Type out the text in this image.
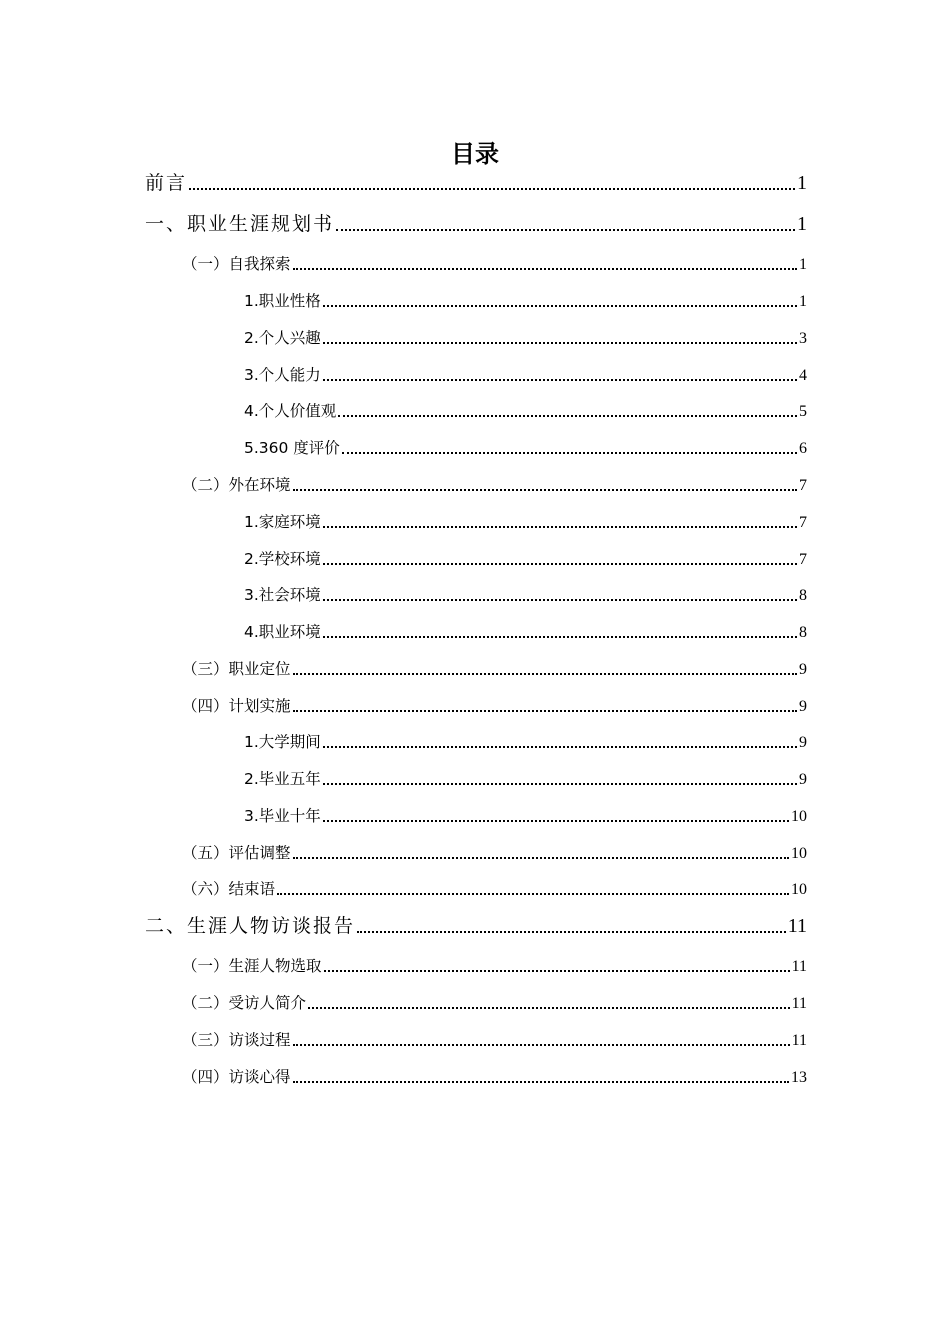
目录
前言	1
一、职业生涯规划书	1
（一）自我探索	1
1.职业性格	1
2.个人兴趣	3
3.个人能力	4
4.个人价值观	5
5.360 度评价	6
（二）外在环境	7
1.家庭环境	7
2.学校环境	7
3.社会环境	8
4.职业环境	8
（三）职业定位	9
（四）计划实施	9
1.大学期间	9
2.毕业五年	9
3.毕业十年	10
（五）评估调整	10
（六）结束语	10
二、生涯人物访谈报告	11
（一）生涯人物选取	11
（二）受访人简介	11
（三）访谈过程	11
（四）访谈心得	13
